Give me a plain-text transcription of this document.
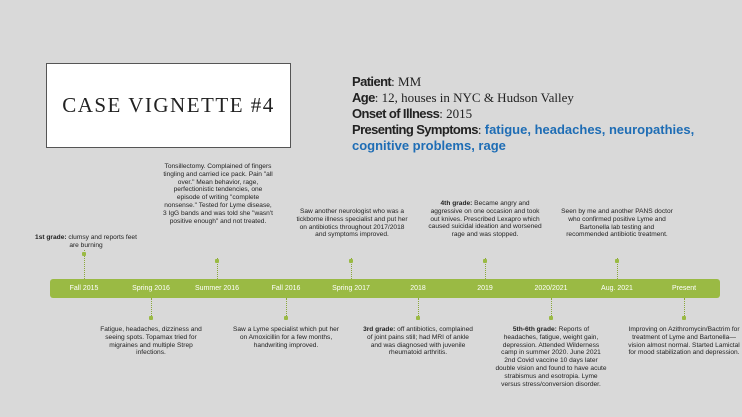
CASE VIGNETTE #4
Patient: MM
Age: 12, houses in NYC & Hudson Valley
Onset of Illness: 2015
Presenting Symptoms: fatigue, headaches, neuropathies,
cognitive problems, rage
Fall 2015	Spring 2016	Summer 2016	Fall 2016	Spring 2017	2018	2019	2020/2021	Aug. 2021	Present
1st grade: clumsy and reports feet are burning
Tonsillectomy. Complained of fingers tingling and carried ice pack. Pain "all over." Mean behavior, rage, perfectionistic tendencies, one episode of writing "complete nonsense." Tested for Lyme disease, 3 IgG bands and was told she "wasn't positive enough" and not treated.
Saw another neurologist who was a tickborne illness specialist and put her on antibiotics throughout 2017/2018 and symptoms improved.
4th grade: Became angry and aggressive on one occasion and took out knives. Prescribed Lexapro which caused suicidal ideation and worsened rage and was stopped.
Seen by me and another PANS doctor who confirmed positive Lyme and Bartonella lab testing and recommended antibiotic treatment.
Fatigue, headaches, dizziness and seeing spots. Topamax tried for migraines and multiple Strep infections.
Saw a Lyme specialist which put her on Amoxicillin for a few months, handwriting improved.
3rd grade: off antibiotics, complained of joint pains still; had MRI of ankle and was diagnosed with juvenile rheumatoid arthritis.
5th-6th grade: Reports of headaches, fatigue, weight gain, depression. Attended Wilderness camp in summer 2020. June 2021 2nd Covid vaccine 10 days later double vision and found to have acute strabismus and esotropia. Lyme versus stress/conversion disorder.
Improving on Azithromycin/Bactrim for treatment of Lyme and Bartonella—vision almost normal. Started Lamictal for mood stabilization and depression.
